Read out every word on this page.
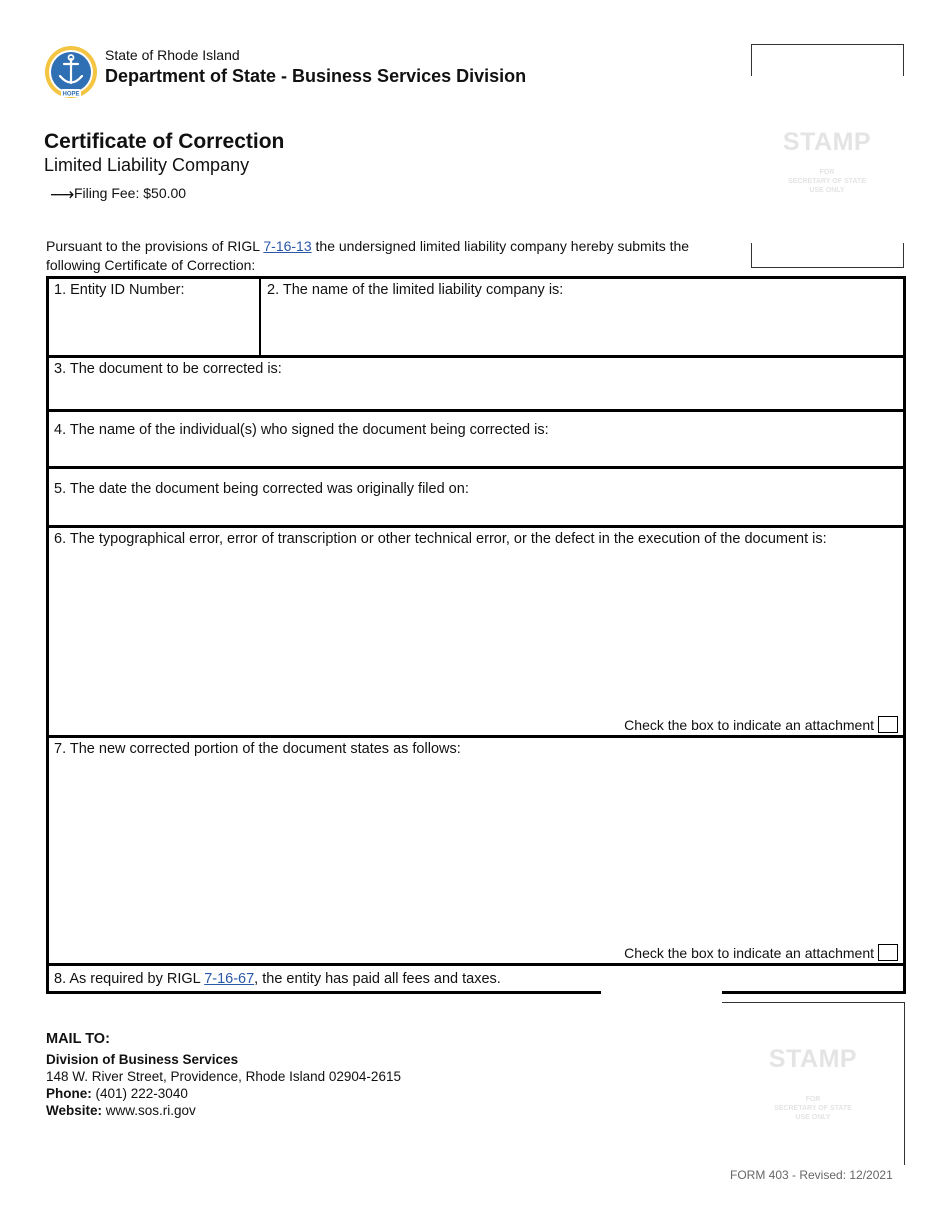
HOPE
State of Rhode Island
Department of State - Business Services Division
STAMP
FOR
SECRETARY OF STATE
USE ONLY
Certificate of Correction
Limited Liability Company
⟶ Filing Fee: $50.00
Pursuant to the provisions of RIGL 7-16-13 the undersigned limited liability company hereby submits the following Certificate of Correction:
1. Entity ID Number:	2. The name of the limited liability company is:
3. The document to be corrected is:
4. The name of the individual(s) who signed the document being corrected is:
5. The date the document being corrected was originally filed on:
6. The typographical error, error of transcription or other technical error, or the defect in the execution of the document is:
7. The new corrected portion of the document states as follows:
8. As required by RIGL 7-16-67, the entity has paid all fees and taxes.
Check the box to indicate an attachment
Check the box to indicate an attachment
MAIL TO:
Division of Business Services
148 W. River Street, Providence, Rhode Island 02904-2615
Phone: (401) 222-3040
Website: www.sos.ri.gov
STAMP
FOR
SECRETARY OF STATE
USE ONLY
FORM 403 - Revised: 12/2021
